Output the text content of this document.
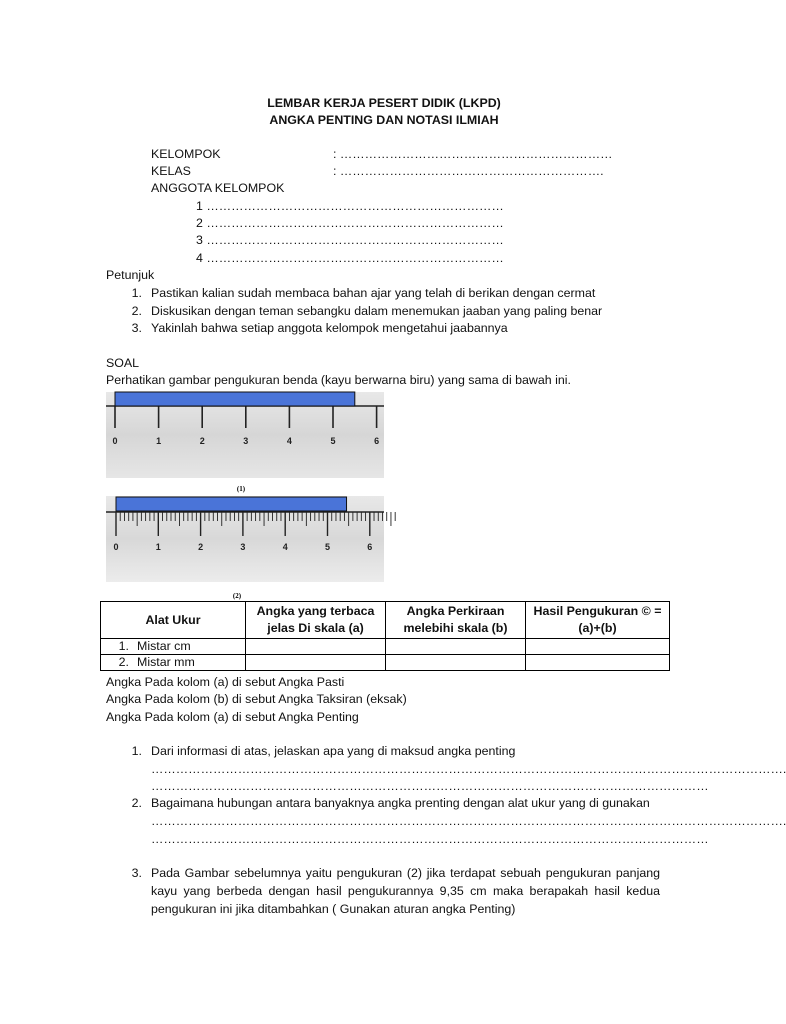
LEMBAR KERJA PESERT DIDIK (LKPD)
ANGKA PENTING DAN NOTASI ILMIAH
KELOMPOK	: …………………………………………………………
KELAS	: ……………………………………………………….
ANGGOTA KELOMPOK
1 ………………………………………………………………
2 ………………………………………………………………
3 ………………………………………………………………
4 ………………………………………………………………
Petunjuk
1. Pastikan kalian sudah membaca bahan ajar yang telah di berikan dengan cermat
2. Diskusikan dengan teman sebangku dalam menemukan jaaban yang paling benar
3. Yakinlah bahwa setiap anggota kelompok mengetahui jaabannya
SOAL
Perhatikan gambar pengukuran benda (kayu berwarna biru) yang sama di bawah ini.
0	1	2	3	4	5	6
(1)
0	1	2	3	4	5	6
(2)
Alat Ukur	Angka yang terbaca jelas Di skala (a)	Angka Perkiraan melebihi skala (b)	Hasil Pengukuran © = (a)+(b)
1. Mistar cm			
2. Mistar mm			
Angka Pada kolom (a) di sebut Angka Pasti
Angka Pada kolom (b) di sebut Angka Taksiran (eksak)
Angka Pada kolom (a) di sebut Angka Penting
1. Dari informasi di atas, jelaskan apa yang di maksud angka penting
……………………………………………………………………………………………………………………………………….
………………………………………………………………………………………………………………………
2. Bagaimana hubungan antara banyaknya angka prenting dengan alat ukur yang di gunakan
……………………………………………………………………………………………………………………………………….
………………………………………………………………………………………………………………………
3. Pada Gambar sebelumnya yaitu pengukuran (2) jika terdapat sebuah pengukuran panjang kayu yang berbeda dengan hasil pengukurannya 9,35 cm maka berapakah hasil kedua pengukuran ini jika ditambahkan ( Gunakan aturan angka Penting)
